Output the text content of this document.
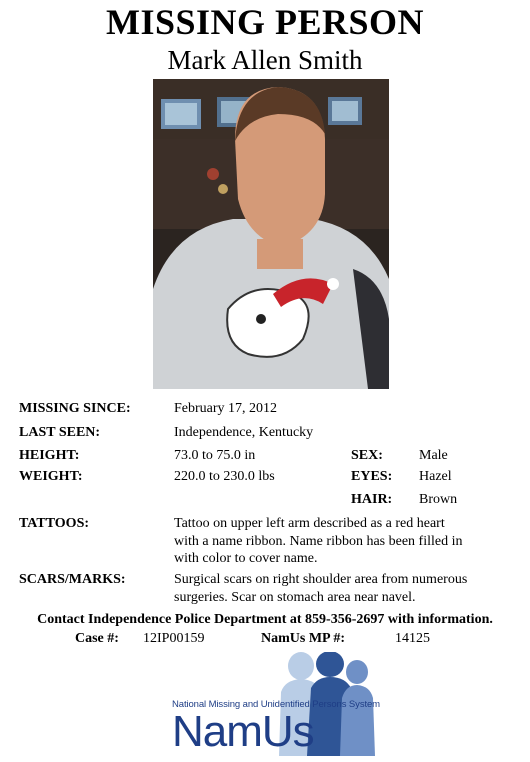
MISSING PERSON
Mark Allen Smith
MISSING SINCE:	February 17, 2012
LAST SEEN:	Independence, Kentucky
HEIGHT:	73.0 to 75.0 in	SEX:	Male
WEIGHT:	220.0 to 230.0 lbs	EYES: Hazel
HAIR: Brown
TATTOOS:	Tattoo on upper left arm described as a red heart
with a name ribbon. Name ribbon has been filled in
with color to cover name.
SCARS/MARKS:	Surgical scars on right shoulder area from numerous
surgeries. Scar on stomach area near navel.
Contact Independence Police Department at 859-356-2697 with information.
Case #: 12IP00159	NamUs MP #:	14125
National Missing and Unidentified Persons System
NamUs
